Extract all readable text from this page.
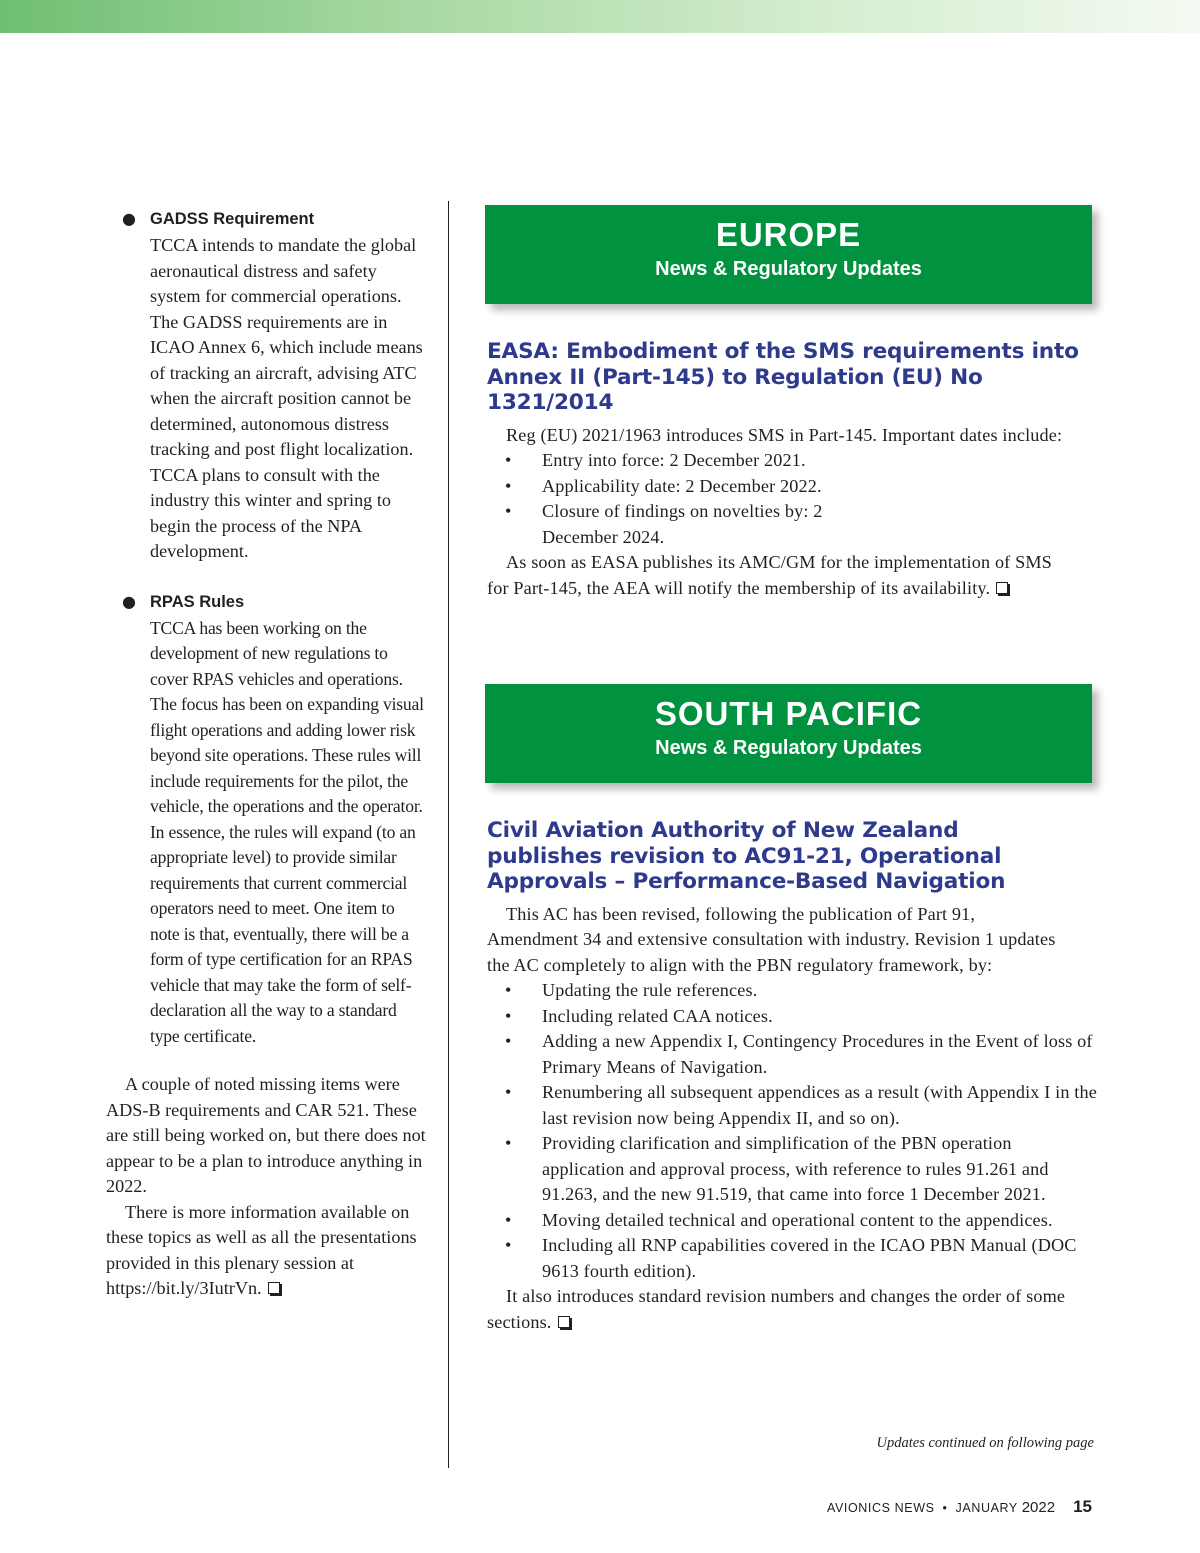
● GADSS Requirement

TCCA intends to mandate the global aeronautical distress and safety system for commercial operations. The GADSS requirements are in ICAO Annex 6, which include means of tracking an aircraft, advising ATC when the aircraft position cannot be determined, autonomous distress tracking and post flight localization. TCCA plans to consult with the industry this winter and spring to begin the process of the NPA development.

● RPAS Rules

TCCA has been working on the development of new regulations to cover RPAS vehicles and operations. The focus has been on expanding visual flight operations and adding lower risk beyond site operations. These rules will include requirements for the pilot, the vehicle, the operations and the operator. In essence, the rules will expand (to an appropriate level) to provide similar requirements that current commercial operators need to meet. One item to note is that, eventually, there will be a form of type certification for an RPAS vehicle that may take the form of self-declaration all the way to a standard type certificate.

A couple of noted missing items were ADS-B requirements and CAR 521. These are still being worked on, but there does not appear to be a plan to introduce anything in 2022.

There is more information available on these topics as well as all the presentations provided in this plenary session at https://bit.ly/3IutrVn.

EUROPE
News & Regulatory Updates
EASA: Embodiment of the SMS requirements into Annex II (Part-145) to Regulation (EU) No 1321/2014

Reg (EU) 2021/1963 introduces SMS in Part-145. Important dates include:

• Entry into force: 2 December 2021.
• Applicability date: 2 December 2022.
• Closure of findings on novelties by: 2 December 2024.

As soon as EASA publishes its AMC/GM for the implementation of SMS for Part-145, the AEA will notify the membership of its availability.

SOUTH PACIFIC
News & Regulatory Updates
Civil Aviation Authority of New Zealand publishes revision to AC91-21, Operational Approvals – Performance-Based Navigation

This AC has been revised, following the publication of Part 91, Amendment 34 and extensive consultation with industry. Revision 1 updates the AC completely to align with the PBN regulatory framework, by:

• Updating the rule references.
• Including related CAA notices.
• Adding a new Appendix I, Contingency Procedures in the Event of loss of Primary Means of Navigation.
• Renumbering all subsequent appendices as a result (with Appendix I in the last revision now being Appendix II, and so on).
• Providing clarification and simplification of the PBN operation application and approval process, with reference to rules 91.261 and 91.263, and the new 91.519, that came into force 1 December 2021.
• Moving detailed technical and operational content to the appendices.
• Including all RNP capabilities covered in the ICAO PBN Manual (DOC 9613 fourth edition).

It also introduces standard revision numbers and changes the order of some sections.

Updates continued on following page
AVIONICS NEWS • JANUARY 2022 15
